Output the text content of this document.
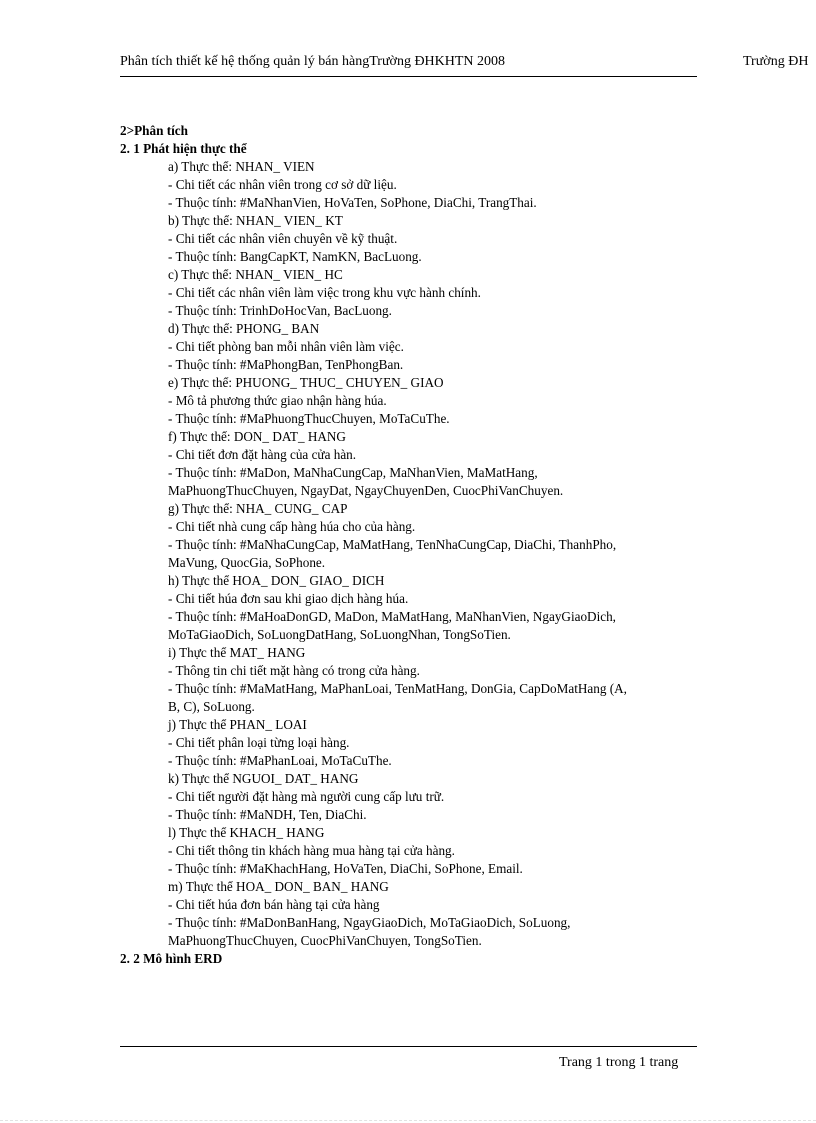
Phân tích thiết kế hệ thống quản lý bán hàngTrường ĐHKHTN 2008	Trường ĐH
2>Phân tích
2. 1 Phát hiện thực thể
a) Thực thể: NHAN_ VIEN
- Chi tiết các nhân viên trong cơ sở dữ liệu.
- Thuộc tính: #MaNhanVien, HoVaTen, SoPhone, DiaChi, TrangThai.
b) Thực thể: NHAN_ VIEN_ KT
- Chi tiết các nhân viên chuyên về kỹ thuật.
- Thuộc tính: BangCapKT, NamKN, BacLuong.
c) Thực thể: NHAN_ VIEN_ HC
- Chi tiết các nhân viên làm việc trong khu vực hành chính.
- Thuộc tính: TrinhDoHocVan, BacLuong.
d) Thực thể: PHONG_ BAN
- Chi tiết phòng ban mỗi nhân viên làm việc.
- Thuộc tính: #MaPhongBan, TenPhongBan.
e) Thực thể: PHUONG_ THUC_ CHUYEN_ GIAO
- Mô tả phương thức giao nhận hàng húa.
- Thuộc tính: #MaPhuongThucChuyen, MoTaCuThe.
f) Thực thể: DON_ DAT_ HANG
- Chi tiết đơn đặt hàng của cửa hàn.
- Thuộc tính: #MaDon, MaNhaCungCap, MaNhanVien, MaMatHang,
MaPhuongThucChuyen, NgayDat, NgayChuyenDen, CuocPhiVanChuyen.
g) Thực thể: NHA_ CUNG_ CAP
- Chi tiết nhà cung cấp hàng húa cho của hàng.
- Thuộc tính: #MaNhaCungCap, MaMatHang, TenNhaCungCap, DiaChi, ThanhPho,
MaVung, QuocGia, SoPhone.
h) Thực thể HOA_ DON_ GIAO_ DICH
- Chi tiết húa đơn sau khi giao dịch hàng húa.
- Thuộc tính: #MaHoaDonGD, MaDon, MaMatHang, MaNhanVien, NgayGiaoDich,
MoTaGiaoDich, SoLuongDatHang, SoLuongNhan, TongSoTien.
i) Thực thể MAT_ HANG
- Thông tin chi tiết mặt hàng có trong cửa hàng.
- Thuộc tính: #MaMatHang, MaPhanLoai, TenMatHang, DonGia, CapDoMatHang (A,
B, C), SoLuong.
j) Thực thể PHAN_ LOAI
- Chi tiết phân loại từng loại hàng.
- Thuộc tính: #MaPhanLoai, MoTaCuThe.
k) Thực thể NGUOI_ DAT_ HANG
- Chi tiết người đặt hàng mà người cung cấp lưu trữ.
- Thuộc tính: #MaNDH, Ten, DiaChi.
l) Thực thể KHACH_ HANG
- Chi tiết thông tin khách hàng mua hàng tại cửa hàng.
- Thuộc tính: #MaKhachHang, HoVaTen, DiaChi, SoPhone, Email.
m) Thực thể HOA_ DON_ BAN_ HANG
- Chi tiết húa đơn bán hàng tại cửa hàng
- Thuộc tính: #MaDonBanHang, NgayGiaoDich, MoTaGiaoDich, SoLuong,
MaPhuongThucChuyen, CuocPhiVanChuyen, TongSoTien.
2. 2 Mô hình ERD
Trang 1 trong 1 trang
